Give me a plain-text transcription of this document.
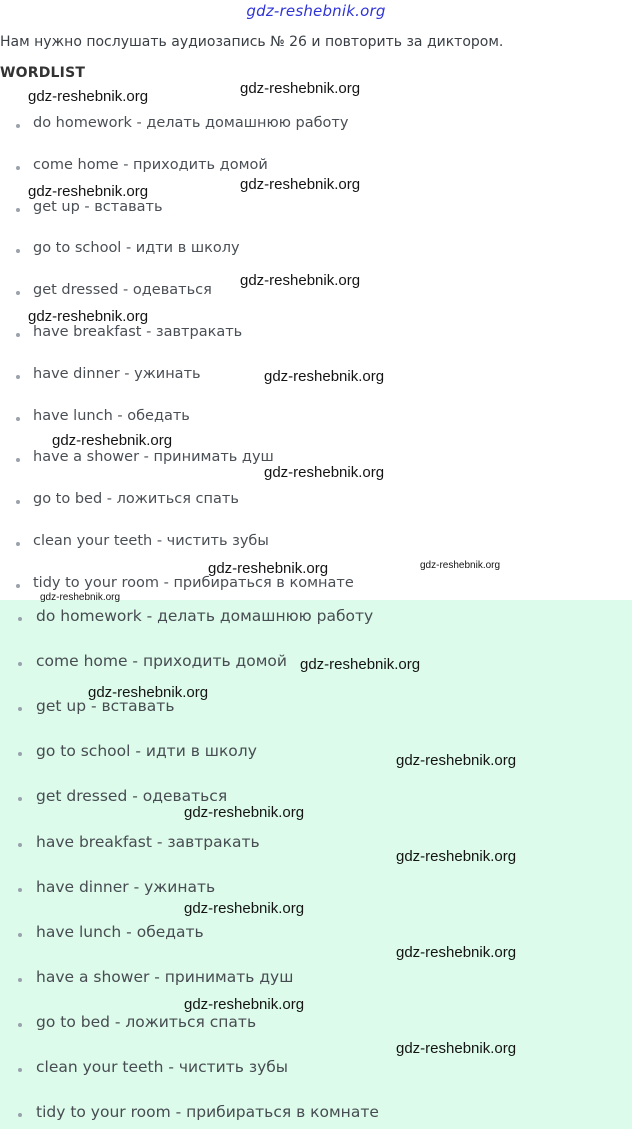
gdz-reshebnik.org
Нам нужно послушать аудиозапись № 26 и повторить за диктором.
WORDLIST
do homework - делать домашнюю работу
come home - приходить домой
get up - вставать
go to school - идти в школу
get dressed - одеваться
have breakfast - завтракать
have dinner - ужинать
have lunch - обедать
have a shower - принимать душ
go to bed - ложиться спать
clean your teeth - чистить зубы
tidy to your room - прибираться в комнате
do homework - делать домашнюю работу
come home - приходить домой
get up - вставать
go to school - идти в школу
get dressed - одеваться
have breakfast - завтракать
have dinner - ужинать
have lunch - обедать
have a shower - принимать душ
go to bed - ложиться спать
clean your teeth - чистить зубы
tidy to your room - прибираться в комнате
gdz-reshebnik.org	gdz-reshebnik.org
gdz-reshebnik.org	gdz-reshebnik.org
gdz-reshebnik.org
gdz-reshebnik.org
gdz-reshebnik.org
gdz-reshebnik.org
gdz-reshebnik.org
gdz-reshebnik.org	gdz-reshebnik.org
gdz-reshebnik.org
gdz-reshebnik.org
gdz-reshebnik.org
gdz-reshebnik.org
gdz-reshebnik.org
gdz-reshebnik.org
gdz-reshebnik.org
gdz-reshebnik.org
gdz-reshebnik.org
gdz-reshebnik.org
